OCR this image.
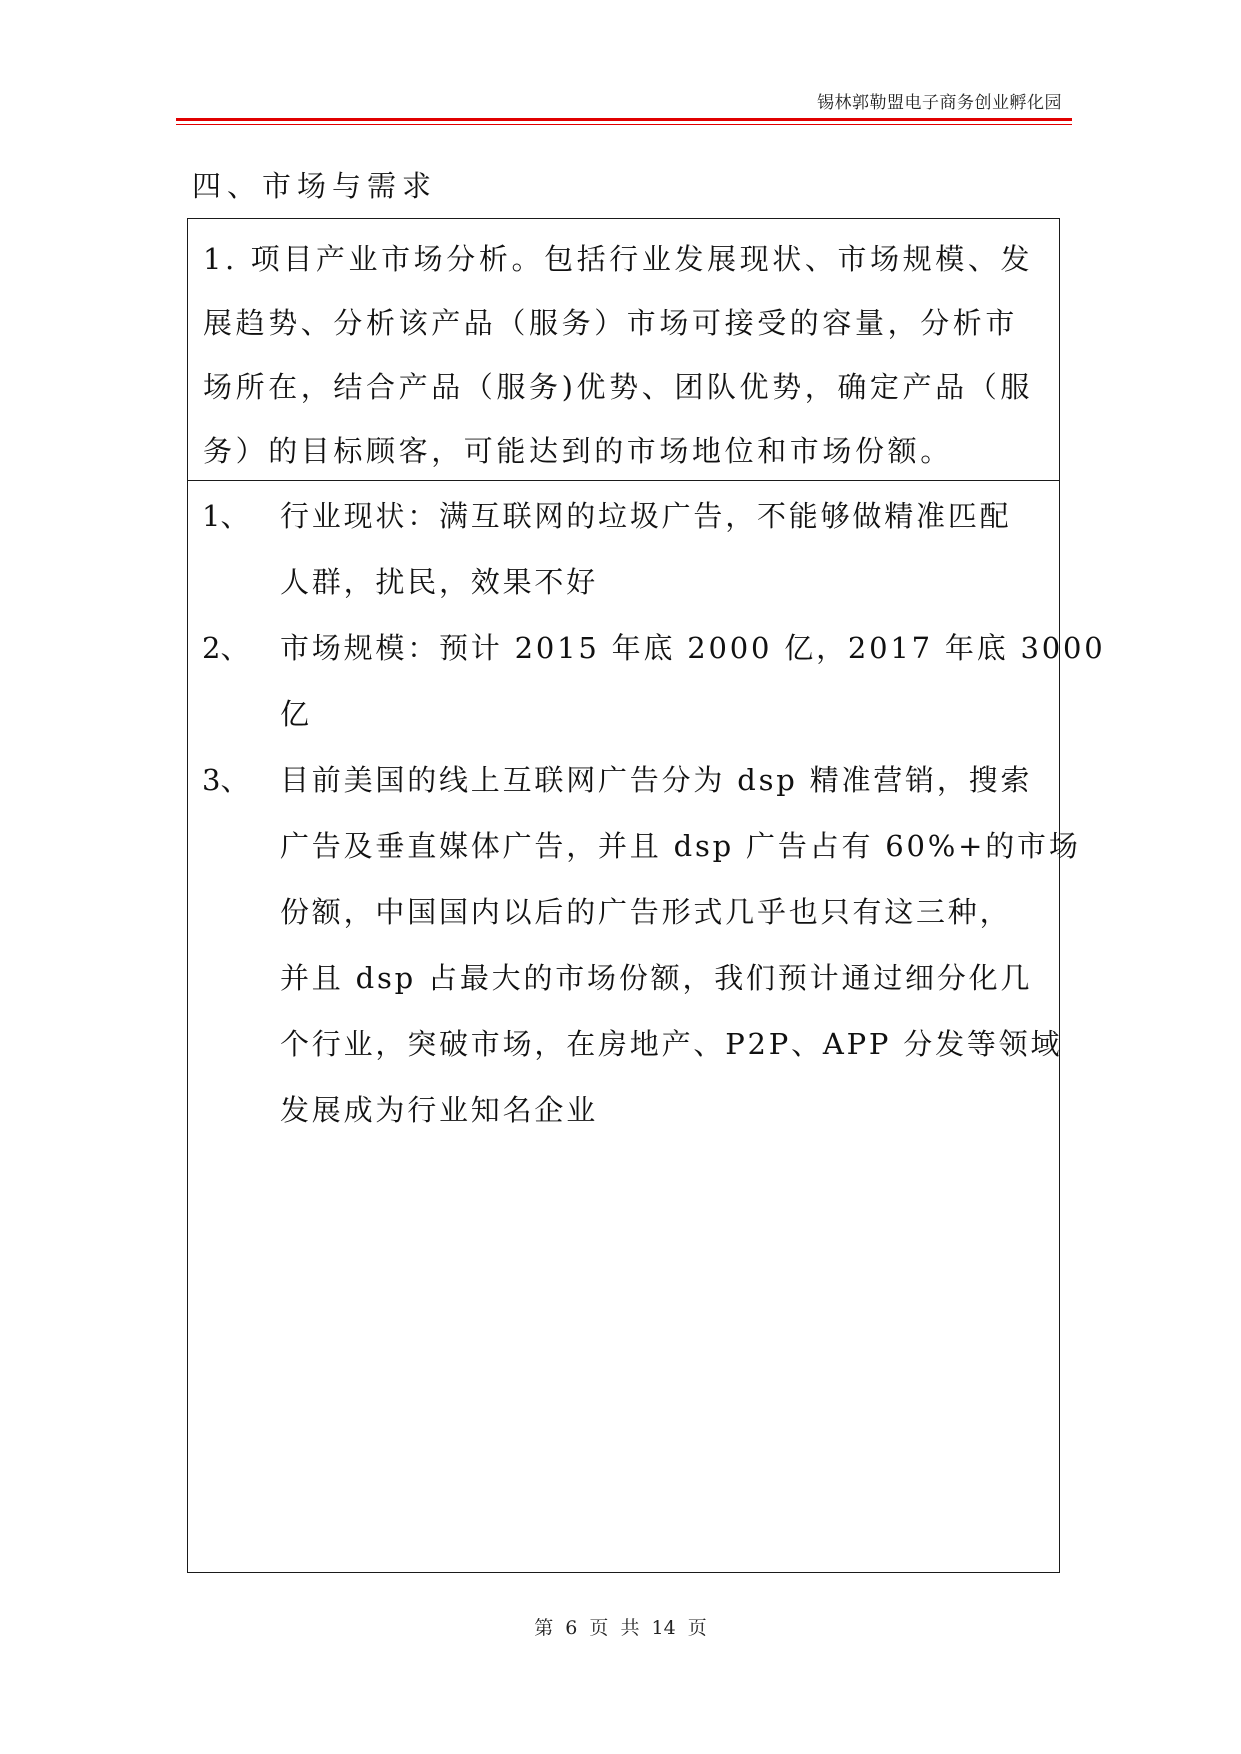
锡林郭勒盟电子商务创业孵化园
四、市场与需求
1. 项目产业市场分析。包括行业发展现状、市场规模、发
展趋势、分析该产品（服务）市场可接受的容量，分析市
场所在，结合产品（服务)优势、团队优势，确定产品（服
务）的目标顾客，可能达到的市场地位和市场份额。
1、 行业现状：满互联网的垃圾广告，不能够做精准匹配
人群，扰民，效果不好
2、 市场规模：预计 2015 年底 2000 亿，2017 年底 3000
亿
3、 目前美国的线上互联网广告分为 dsp 精准营销，搜索
广告及垂直媒体广告，并且 dsp 广告占有 60%+的市场
份额，中国国内以后的广告形式几乎也只有这三种，
并且 dsp 占最大的市场份额，我们预计通过细分化几
个行业，突破市场，在房地产、P2P、APP 分发等领域
发展成为行业知名企业
第 6 页 共 14 页
